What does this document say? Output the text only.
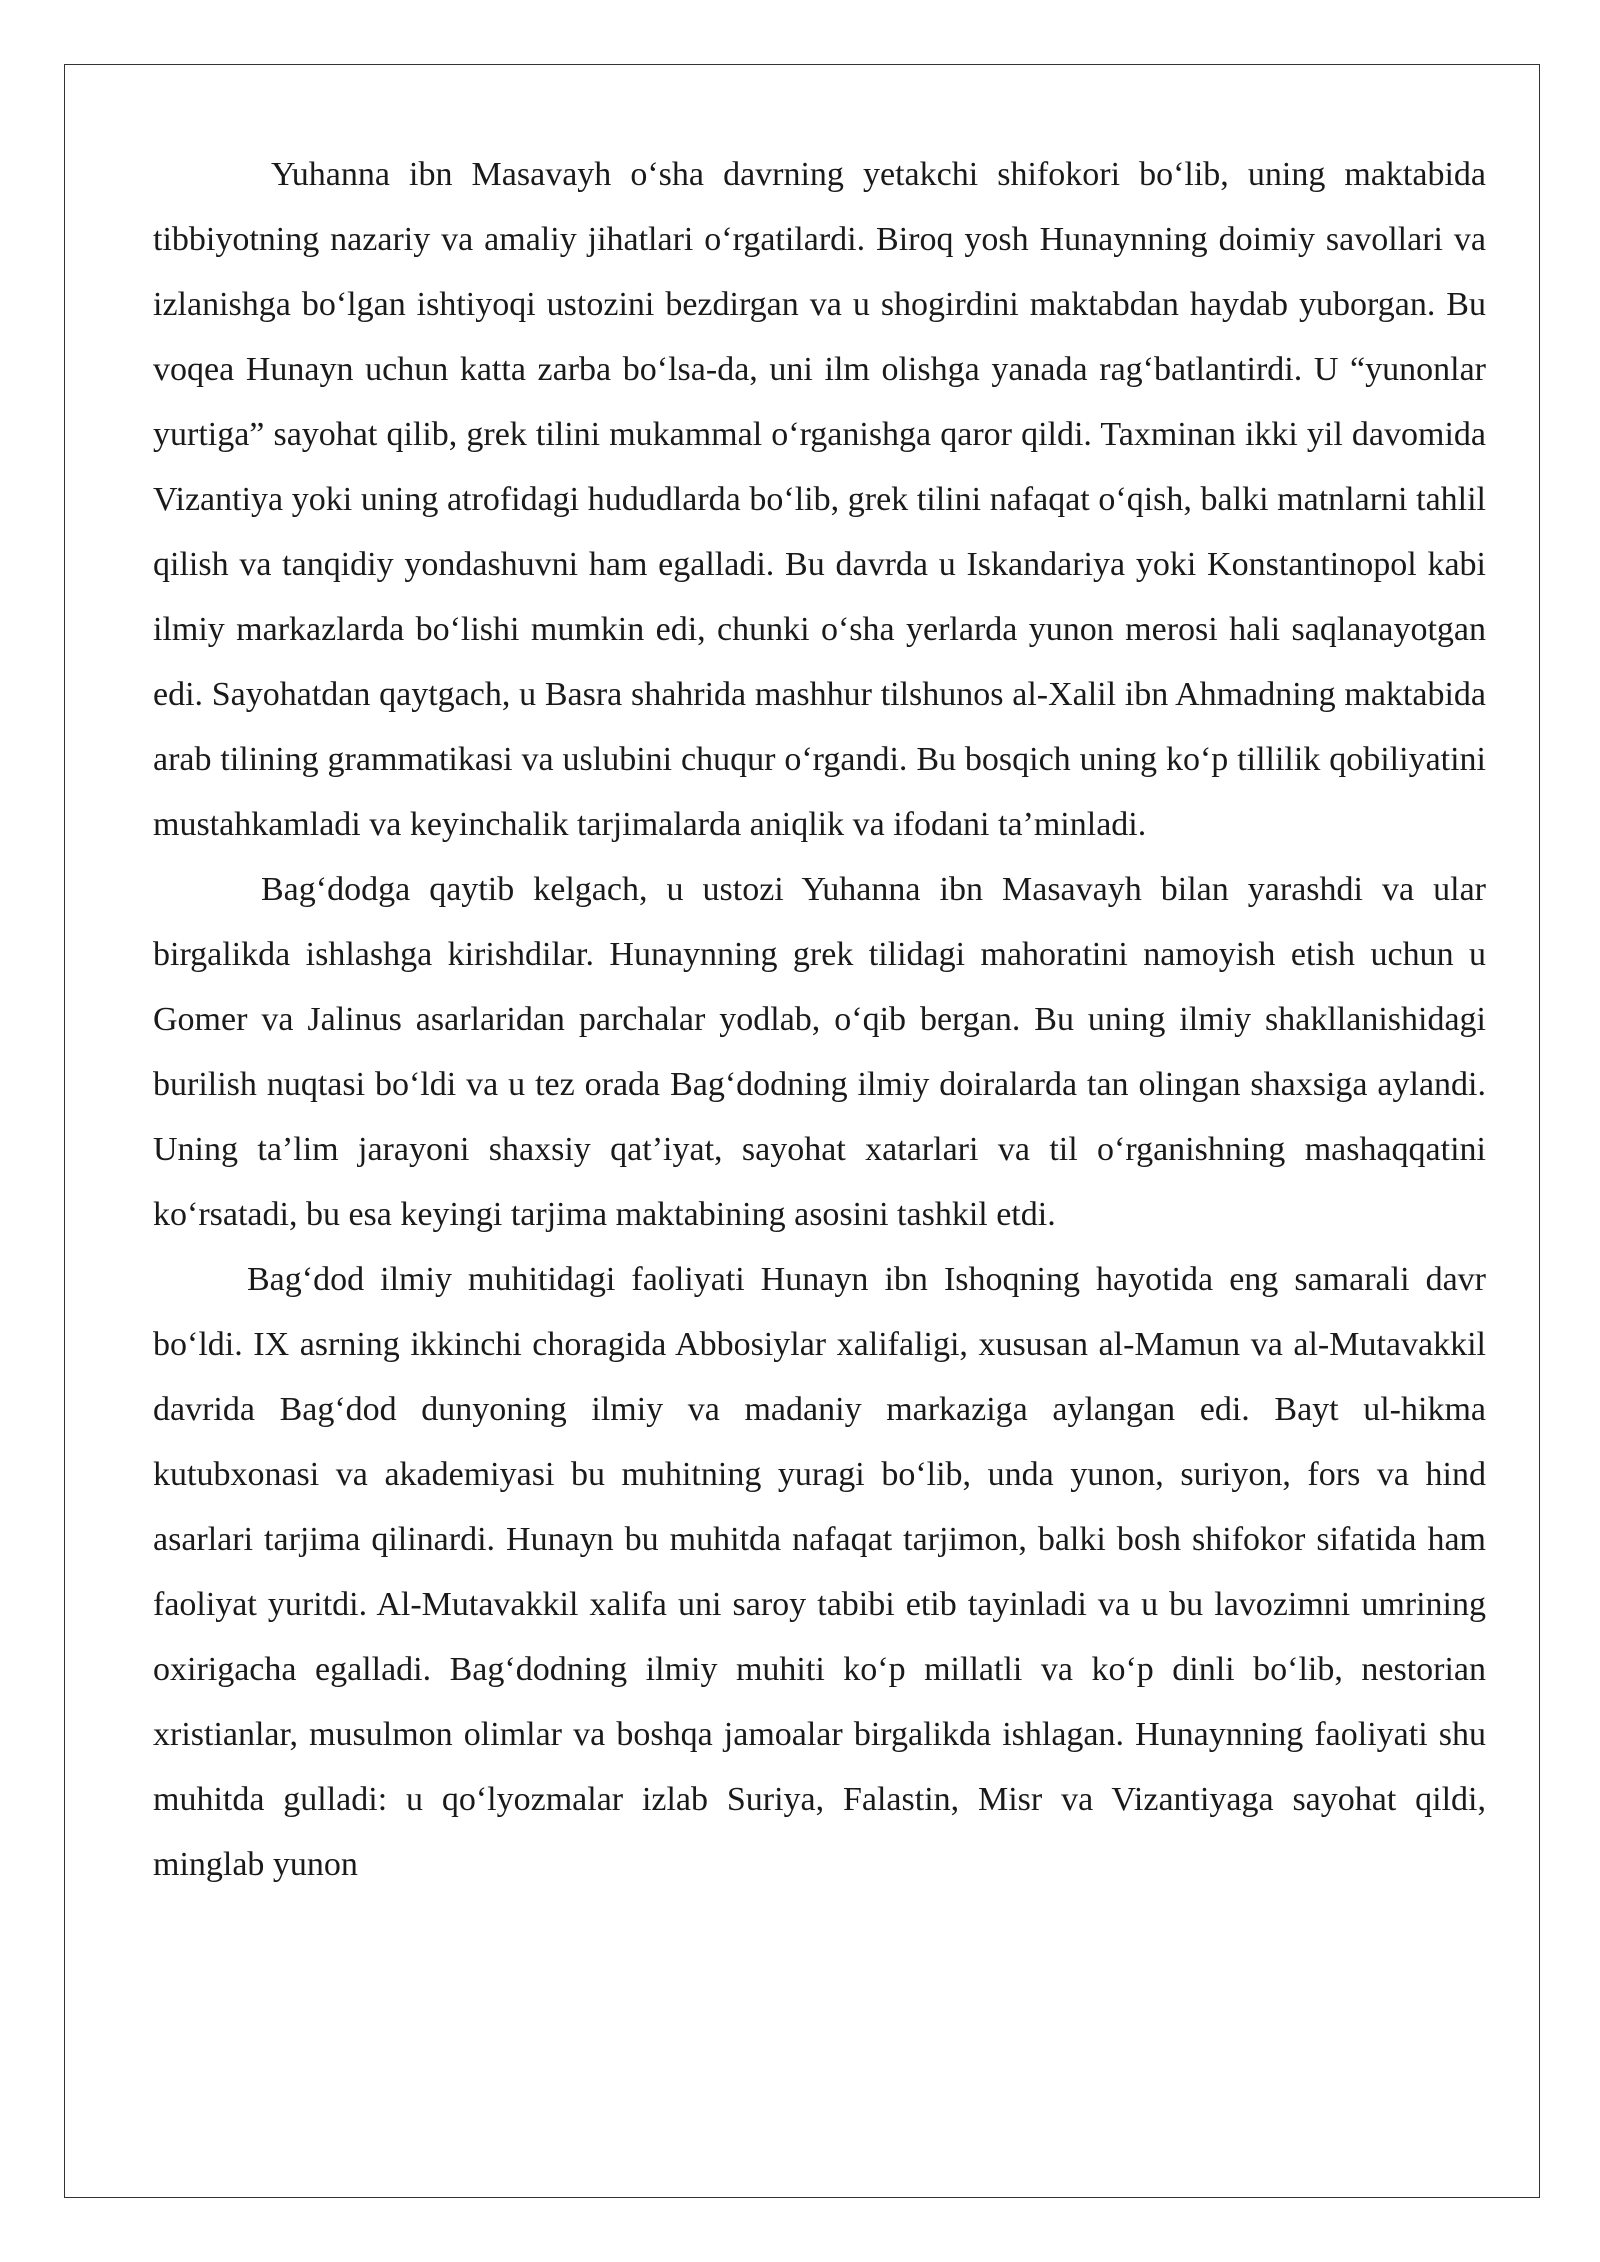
Yuhanna ibn Masavayh o‘sha davrning yetakchi shifokori bo‘lib, uning maktabida tibbiyotning nazariy va amaliy jihatlari o‘rgatilardi. Biroq yosh Hunaynning doimiy savollari va izlanishga bo‘lgan ishtiyoqi ustozini bezdirgan va u shogirdini maktabdan haydab yuborgan. Bu voqea Hunayn uchun katta zarba bo‘lsa-da, uni ilm olishga yanada rag‘batlantirdi. U “yunonlar yurtiga” sayohat qilib, grek tilini mukammal o‘rganishga qaror qildi. Taxminan ikki yil davomida Vizantiya yoki uning atrofidagi hududlarda bo‘lib, grek tilini nafaqat o‘qish, balki matnlarni tahlil qilish va tanqidiy yondashuvni ham egalladi. Bu davrda u Iskandariya yoki Konstantinopol kabi ilmiy markazlarda bo‘lishi mumkin edi, chunki o‘sha yerlarda yunon merosi hali saqlanayotgan edi. Sayohatdan qaytgach, u Basra shahrida mashhur tilshunos al-Xalil ibn Ahmadning maktabida arab tilining grammatikasi va uslubini chuqur o‘rgandi. Bu bosqich uning ko‘p tillilik qobiliyatini mustahkamladi va keyinchalik tarjimalarda aniqlik va ifodani ta’minladi.

Bag‘dodga qaytib kelgach, u ustozi Yuhanna ibn Masavayh bilan yarashdi va ular birgalikda ishlashga kirishdilar. Hunaynning grek tilidagi mahoratini namoyish etish uchun u Gomer va Jalinus asarlaridan parchalar yodlab, o‘qib bergan. Bu uning ilmiy shakllanishidagi burilish nuqtasi bo‘ldi va u tez orada Bag‘dodning ilmiy doiralarda tan olingan shaxsiga aylandi. Uning ta’lim jarayoni shaxsiy qat’iyat, sayohat xatarlari va til o‘rganishning mashaqqatini ko‘rsatadi, bu esa keyingi tarjima maktabining asosini tashkil etdi.

Bag‘dod ilmiy muhitidagi faoliyati Hunayn ibn Ishoqning hayotida eng samarali davr bo‘ldi. IX asrning ikkinchi choragida Abbosiylar xalifaligi, xususan al-Mamun va al-Mutavakkil davrida Bag‘dod dunyoning ilmiy va madaniy markaziga aylangan edi. Bayt ul-hikma kutubxonasi va akademiyasi bu muhitning yuragi bo‘lib, unda yunon, suriyon, fors va hind asarlari tarjima qilinardi. Hunayn bu muhitda nafaqat tarjimon, balki bosh shifokor sifatida ham faoliyat yuritdi. Al-Mutavakkil xalifa uni saroy tabibi etib tayinladi va u bu lavozimni umrining oxirigacha egalladi. Bag‘dodning ilmiy muhiti ko‘p millatli va ko‘p dinli bo‘lib, nestorian xristianlar, musulmon olimlar va boshqa jamoalar birgalikda ishlagan. Hunaynning faoliyati shu muhitda gulladi: u qo‘lyozmalar izlab Suriya, Falastin, Misr va Vizantiyaga sayohat qildi, minglab yunon
